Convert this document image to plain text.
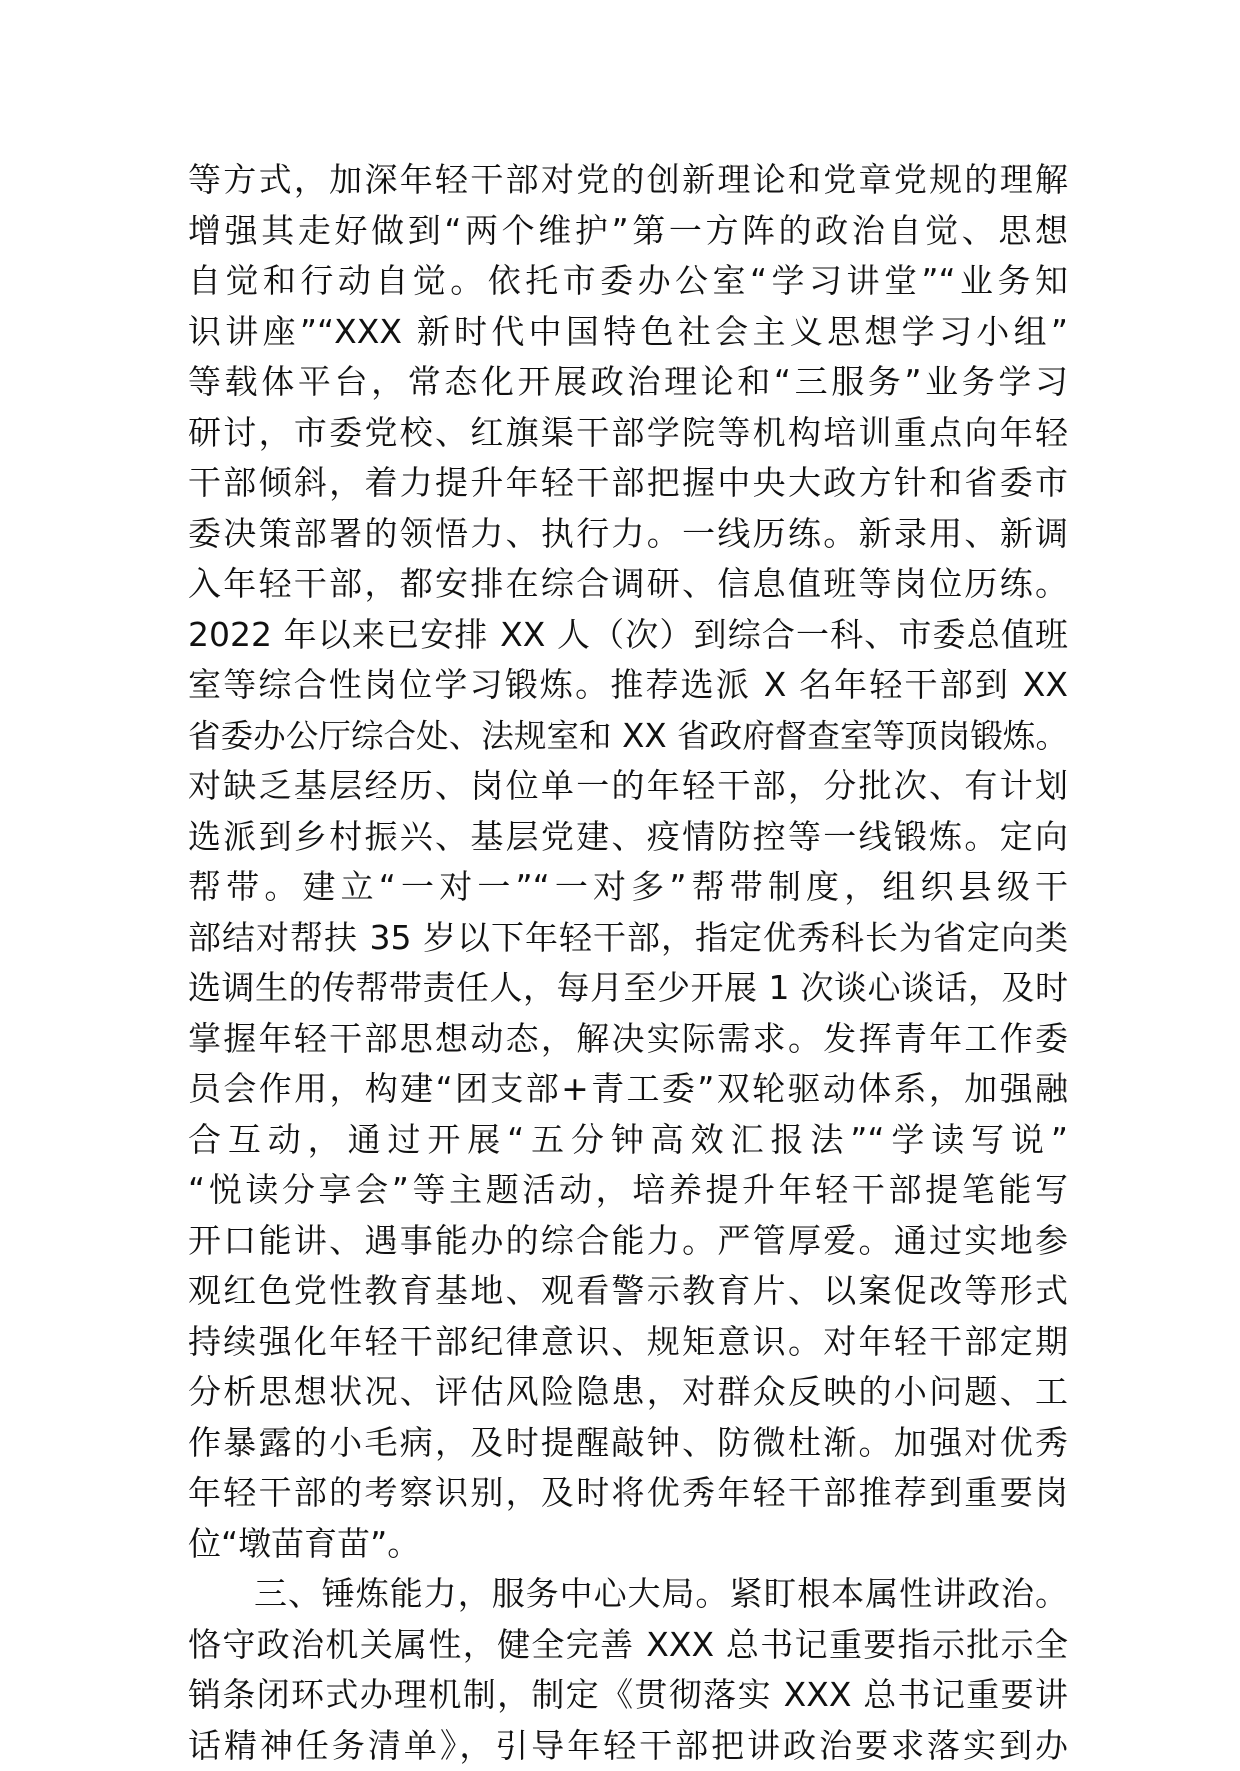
等方式，加深年轻干部对党的创新理论和党章党规的理解
增强其走好做到“两个维护”第一方阵的政治自觉、思想
自觉和行动自觉。依托市委办公室“学习讲堂”“业务知
识讲座”“XXX 新时代中国特色社会主义思想学习小组”
等载体平台，常态化开展政治理论和“三服务”业务学习
研讨，市委党校、红旗渠干部学院等机构培训重点向年轻
干部倾斜，着力提升年轻干部把握中央大政方针和省委市
委决策部署的领悟力、执行力。一线历练。新录用、新调
入年轻干部，都安排在综合调研、信息值班等岗位历练。
2022 年以来已安排 XX 人（次）到综合一科、市委总值班
室等综合性岗位学习锻炼。推荐选派 X 名年轻干部到 XX
省委办公厅综合处、法规室和 XX 省政府督查室等顶岗锻炼。
对缺乏基层经历、岗位单一的年轻干部，分批次、有计划
选派到乡村振兴、基层党建、疫情防控等一线锻炼。定向
帮带。建立“一对一”“一对多”帮带制度，组织县级干
部结对帮扶 35 岁以下年轻干部，指定优秀科长为省定向类
选调生的传帮带责任人，每月至少开展 1 次谈心谈话，及时
掌握年轻干部思想动态，解决实际需求。发挥青年工作委
员会作用，构建“团支部+青工委”双轮驱动体系，加强融
合互动，通过开展“五分钟高效汇报法”“学读写说”
“悦读分享会”等主题活动，培养提升年轻干部提笔能写
开口能讲、遇事能办的综合能力。严管厚爱。通过实地参
观红色党性教育基地、观看警示教育片、以案促改等形式
持续强化年轻干部纪律意识、规矩意识。对年轻干部定期
分析思想状况、评估风险隐患，对群众反映的小问题、工
作暴露的小毛病，及时提醒敲钟、防微杜渐。加强对优秀
年轻干部的考察识别，及时将优秀年轻干部推荐到重要岗
位“墩苗育苗”。
三、锤炼能力，服务中心大局。紧盯根本属性讲政治。
恪守政治机关属性，健全完善 XXX 总书记重要指示批示全
销条闭环式办理机制，制定《贯彻落实 XXX 总书记重要讲
话精神任务清单》，引导年轻干部把讲政治要求落实到办
